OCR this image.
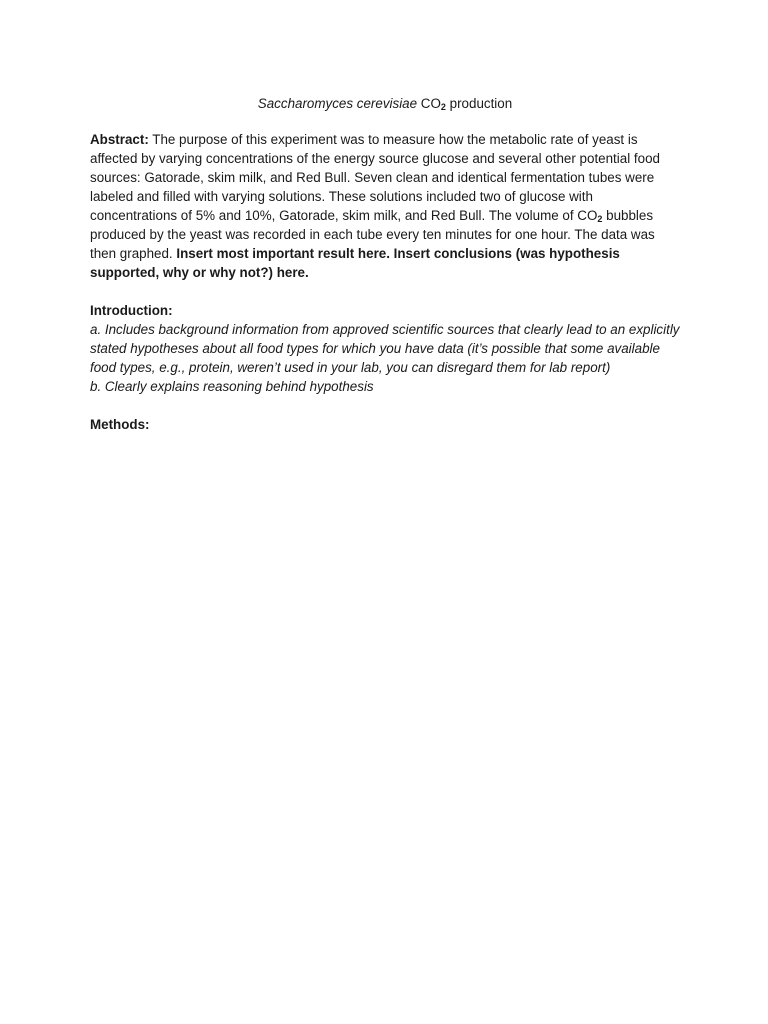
Saccharomyces cerevisiae $CO_2$ production

Abstract: The purpose of this experiment was to measure how the metabolic rate of yeast is affected by varying concentrations of the energy source glucose and several other potential food sources: Gatorade, skim milk, and Red Bull. Seven clean and identical fermentation tubes were labeled and filled with varying solutions. These solutions included two of glucose with concentrations of 5% and 10%, Gatorade, skim milk, and Red Bull. The volume of $CO_2$ bubbles produced by the yeast was recorded in each tube every ten minutes for one hour. The data was then graphed. Insert most important result here. Insert conclusions (was hypothesis supported, why or why not?) here.

Introduction:

a. Includes background information from approved scientific sources that clearly lead to an explicitly stated hypotheses about all food types for which you have data (it’s possible that some available food types, e.g., protein, weren’t used in your lab, you can disregard them for lab report)

b. Clearly explains reasoning behind hypothesis

Methods:
